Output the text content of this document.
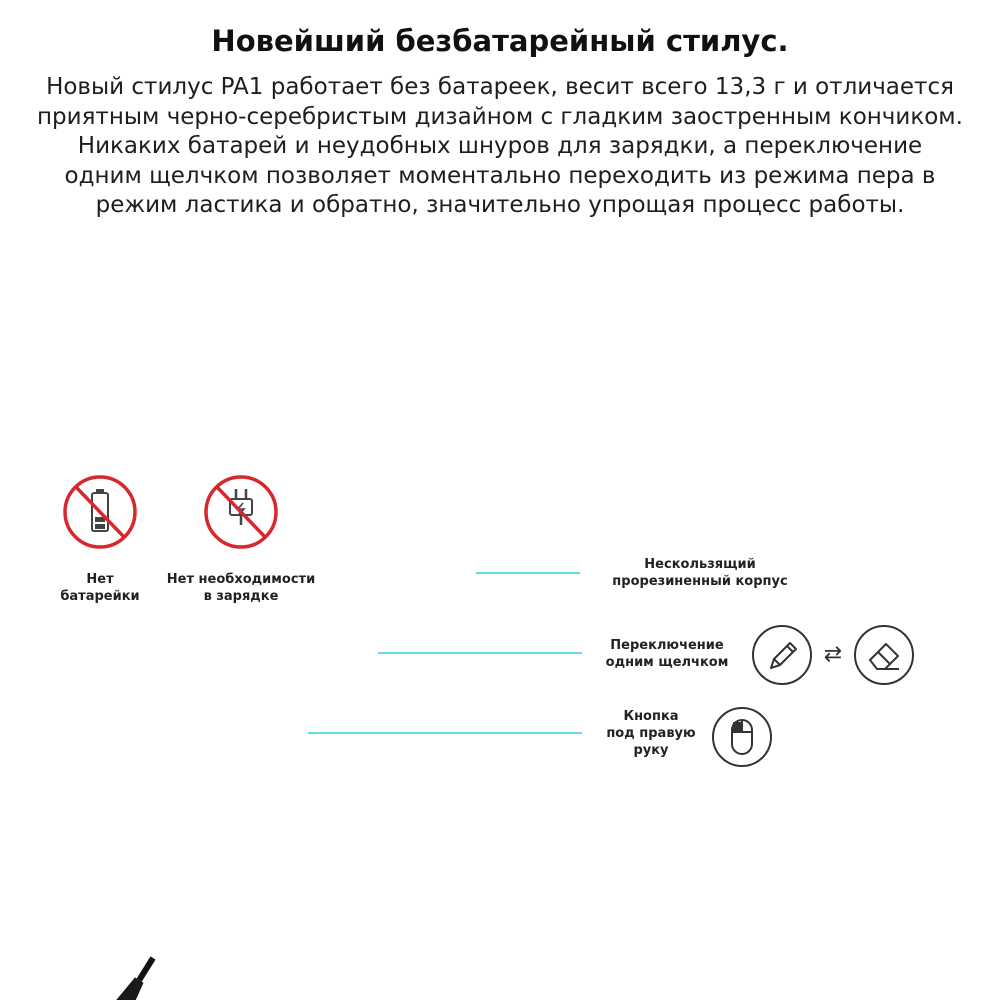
Новейший безбатарейный стилус.

Новый стилус PA1 работает без батареек, весит всего 13,3 г и отличается
приятным черно-серебристым дизайном с гладким заостренным кончиком.
Никаких батарей и неудобных шнуров для зарядки, а переключение
одним щелчком позволяет моментально переходить из режима пера в
режим ластика и обратно, значительно упрощая процесс работы.

Нет
батарейки
Нет необходимости
в зарядке
Нескользящий
прорезиненный корпус
Переключение
одним щелчком	⇄
Кнопка
под правую
руку
